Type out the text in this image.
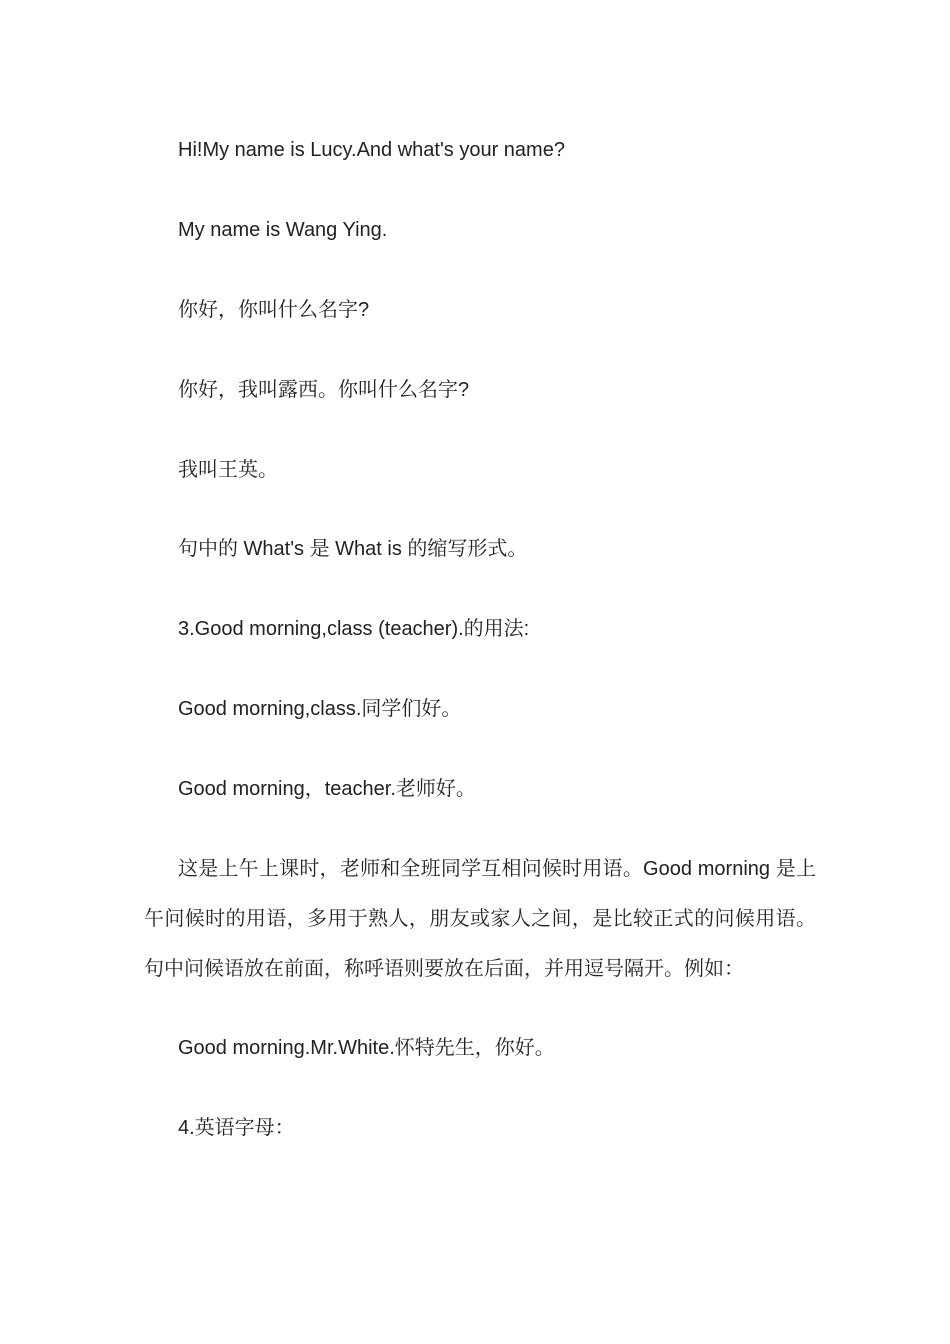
Hi!My name is Lucy.And what's your name?
My name is Wang Ying.
你好，你叫什么名字?
你好，我叫露西。你叫什么名字?
我叫王英。
句中的 What's 是 What is 的缩写形式。
3.Good morning,class (teacher).的用法:
Good morning,class.同学们好。
Good morning，teacher.老师好。
这是上午上课时，老师和全班同学互相问候时用语。Good morning 是上午问候时的用语，多用于熟人，朋友或家人之间，是比较正式的问候用语。句中问候语放在前面，称呼语则要放在后面，并用逗号隔开。例如：
Good morning.Mr.White.怀特先生，你好。
4.英语字母：
